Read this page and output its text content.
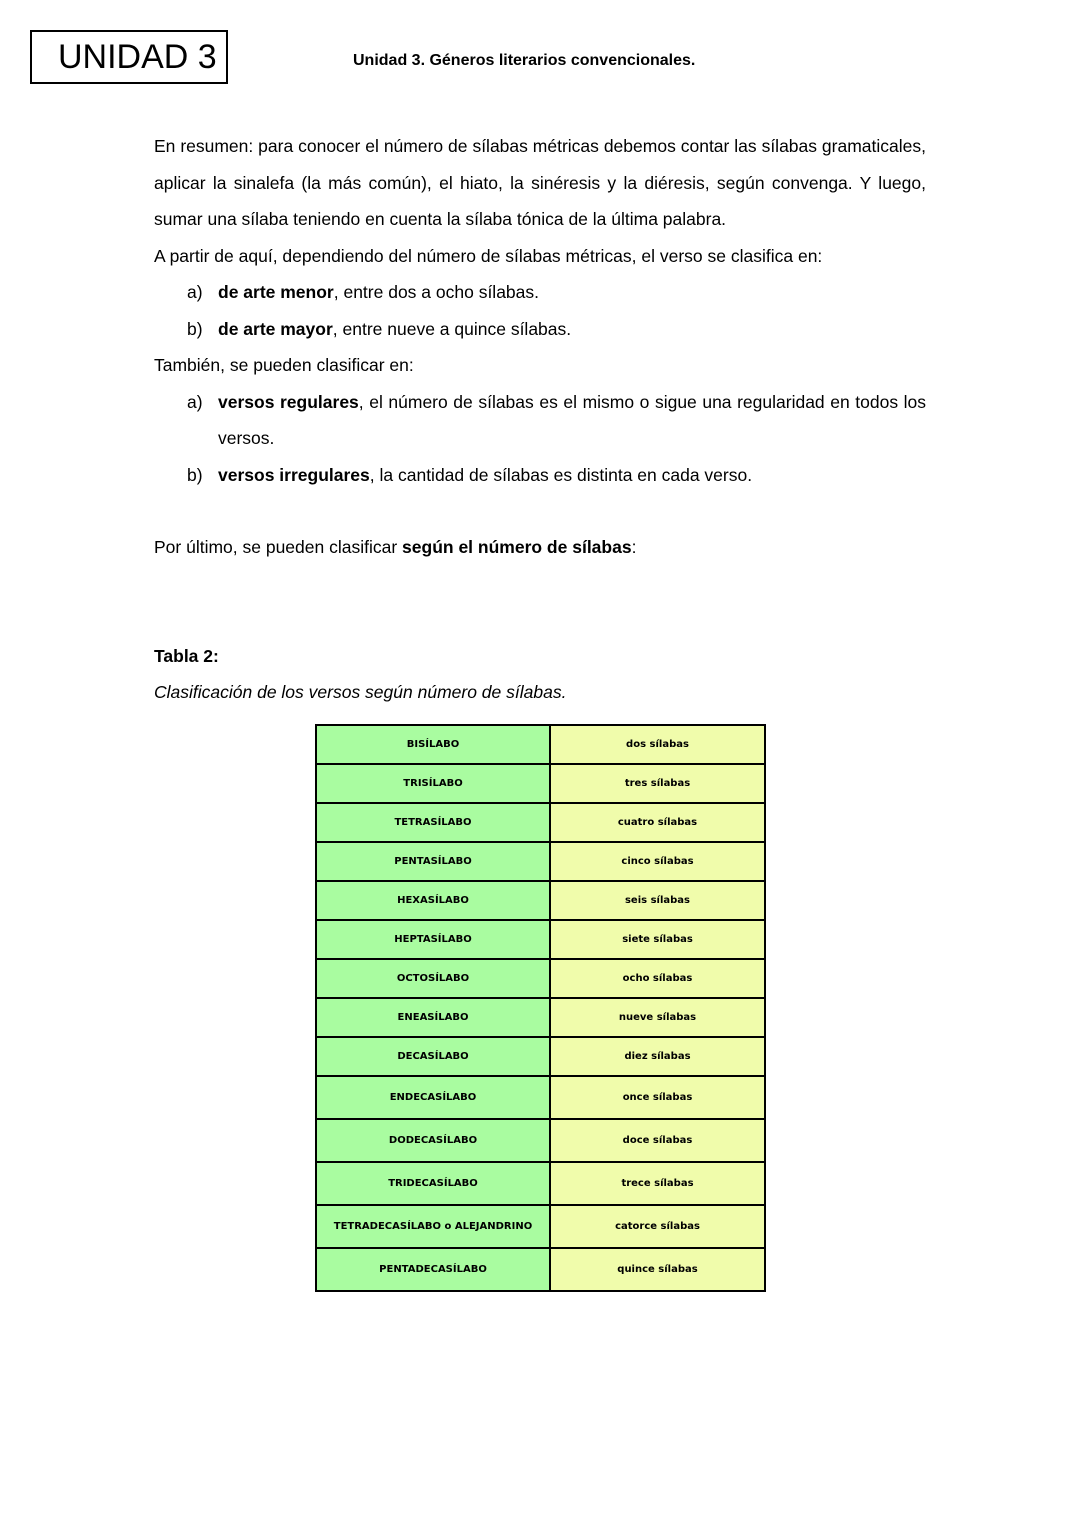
UNIDAD 3	Unidad 3. Géneros literarios convencionales.

En resumen: para conocer el número de sílabas métricas debemos contar las sílabas gramaticales, aplicar la sinalefa (la más común), el hiato, la sinéresis y la diéresis, según convenga. Y luego, sumar una sílaba teniendo en cuenta la sílaba tónica de la última palabra.

A partir de aquí, dependiendo del número de sílabas métricas, el verso se clasifica en:

a) de arte menor, entre dos a ocho sílabas.
b) de arte mayor, entre nueve a quince sílabas.

También, se pueden clasificar en:

a) versos regulares, el número de sílabas es el mismo o sigue una regularidad en todos los versos.
b) versos irregulares, la cantidad de sílabas es distinta en cada verso.

Por último, se pueden clasificar según el número de sílabas:

Tabla 2:

Clasificación de los versos según número de sílabas.

BISÍLABO	dos sílabas
TRISÍLABO	tres sílabas
TETRASÍLABO	cuatro sílabas
PENTASÍLABO	cinco sílabas
HEXASÍLABO	seis sílabas
HEPTASÍLABO	siete sílabas
OCTOSÍLABO	ocho sílabas
ENEASÍLABO	nueve sílabas
DECASÍLABO	diez sílabas
ENDECASÍLABO	once sílabas
DODECASÍLABO	doce sílabas
TRIDECASÍLABO	trece sílabas
TETRADECASÍLABO o ALEJANDRINO	catorce sílabas
PENTADECASÍLABO	quince sílabas
